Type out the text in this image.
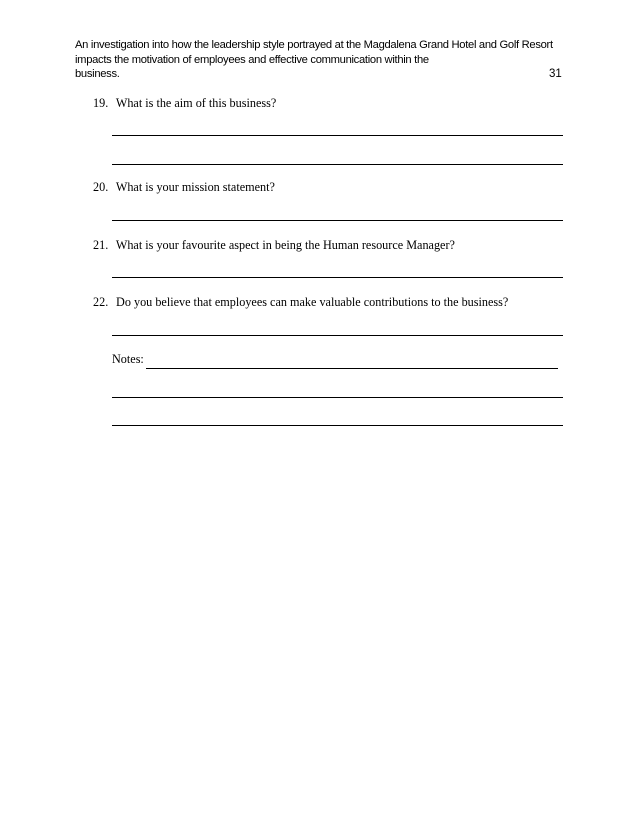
An investigation into how the leadership style portrayed at the Magdalena Grand Hotel and Golf Resort
impacts the motivation of employees and effective communication within the
business.	31
19. What is the aim of this business?
20. What is your mission statement?
21. What is your favourite aspect in being the Human resource Manager?
22. Do you believe that employees can make valuable contributions to the business?
Notes:
